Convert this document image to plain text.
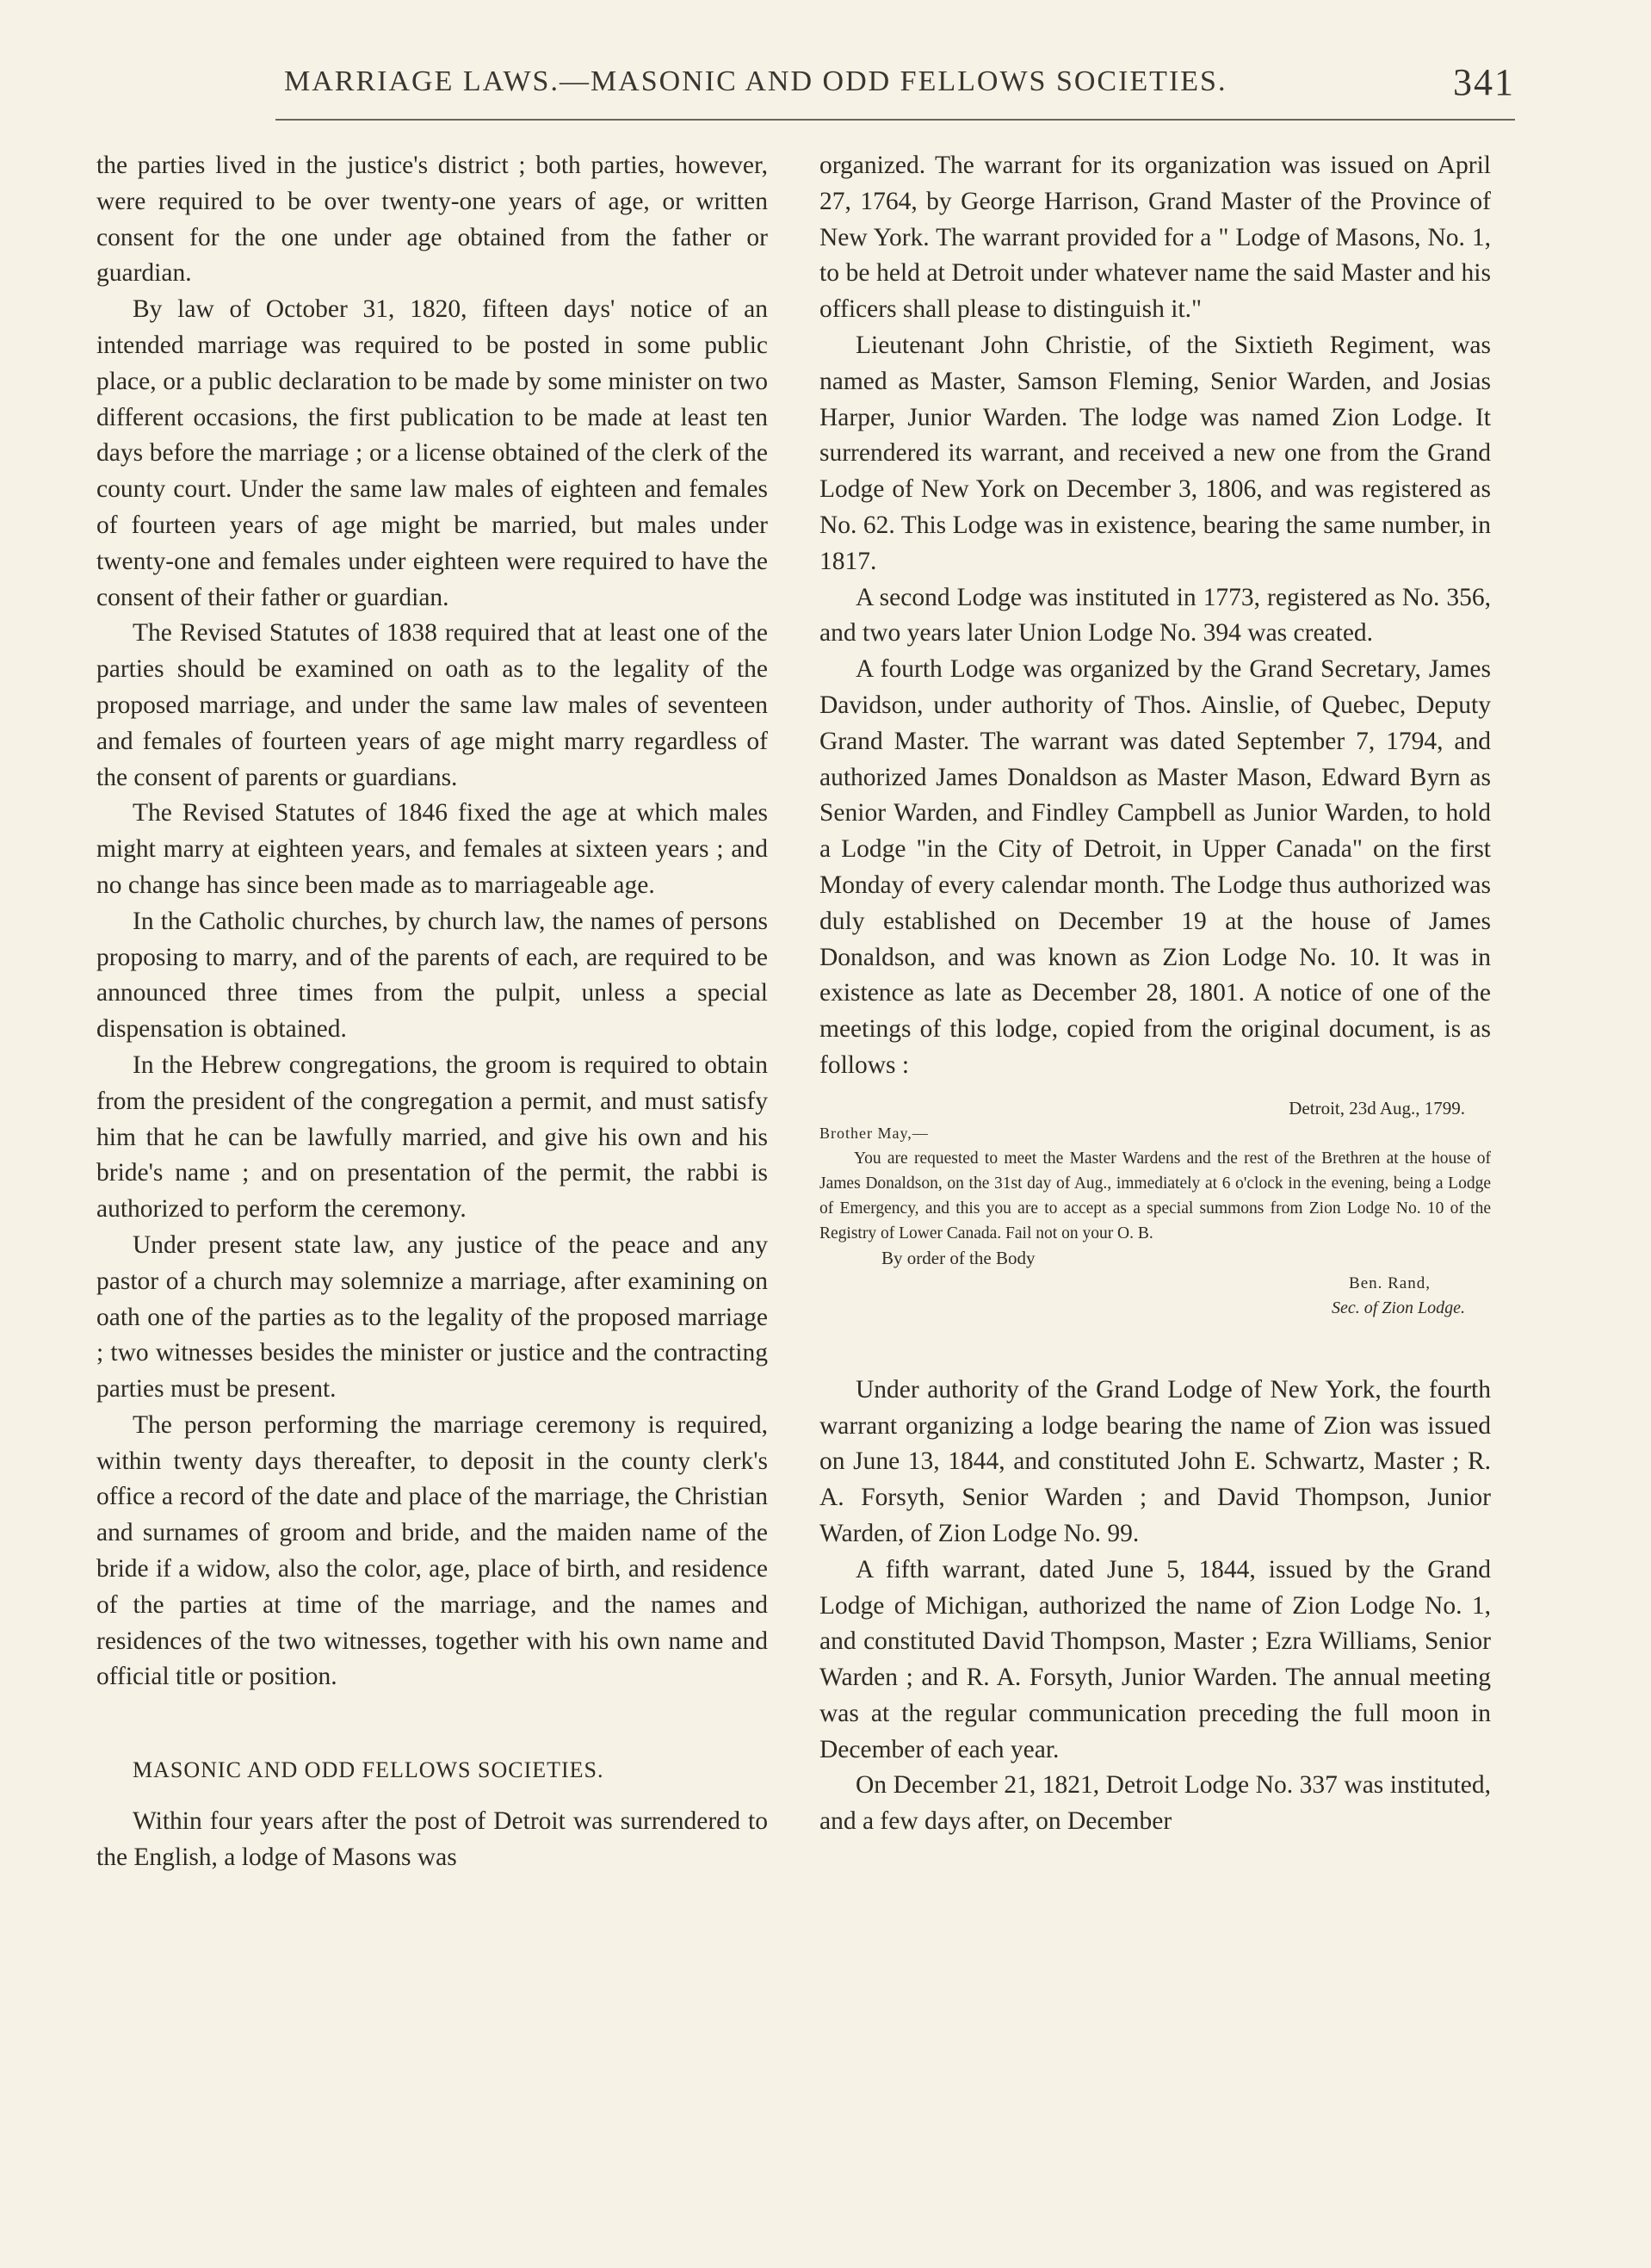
MARRIAGE LAWS.—MASONIC AND ODD FELLOWS SOCIETIES.	341

the parties lived in the justice's district ; both parties, however, were required to be over twenty-one years of age, or written consent for the one under age obtained from the father or guardian.

By law of October 31, 1820, fifteen days' notice of an intended marriage was required to be posted in some public place, or a public declaration to be made by some minister on two different occasions, the first publication to be made at least ten days before the marriage ; or a license obtained of the clerk of the county court. Under the same law males of eighteen and females of fourteen years of age might be married, but males under twenty-one and females under eighteen were required to have the consent of their father or guardian.

The Revised Statutes of 1838 required that at least one of the parties should be examined on oath as to the legality of the proposed marriage, and under the same law males of seventeen and females of fourteen years of age might marry regardless of the consent of parents or guardians.

The Revised Statutes of 1846 fixed the age at which males might marry at eighteen years, and females at sixteen years ; and no change has since been made as to marriageable age.

In the Catholic churches, by church law, the names of persons proposing to marry, and of the parents of each, are required to be announced three times from the pulpit, unless a special dispensation is obtained.

In the Hebrew congregations, the groom is required to obtain from the president of the congregation a permit, and must satisfy him that he can be lawfully married, and give his own and his bride's name ; and on presentation of the permit, the rabbi is authorized to perform the ceremony.

Under present state law, any justice of the peace and any pastor of a church may solemnize a marriage, after examining on oath one of the parties as to the legality of the proposed marriage ; two witnesses besides the minister or justice and the contracting parties must be present.

The person performing the marriage ceremony is required, within twenty days thereafter, to deposit in the county clerk's office a record of the date and place of the marriage, the Christian and surnames of groom and bride, and the maiden name of the bride if a widow, also the color, age, place of birth, and residence of the parties at time of the marriage, and the names and residences of the two witnesses, together with his own name and official title or position.

MASONIC AND ODD FELLOWS SOCIETIES.

Within four years after the post of Detroit was surrendered to the English, a lodge of Masons was

organized. The warrant for its organization was issued on April 27, 1764, by George Harrison, Grand Master of the Province of New York. The warrant provided for a " Lodge of Masons, No. 1, to be held at Detroit under whatever name the said Master and his officers shall please to distinguish it."

Lieutenant John Christie, of the Sixtieth Regiment, was named as Master, Samson Fleming, Senior Warden, and Josias Harper, Junior Warden. The lodge was named Zion Lodge. It surrendered its warrant, and received a new one from the Grand Lodge of New York on December 3, 1806, and was registered as No. 62. This Lodge was in existence, bearing the same number, in 1817.

A second Lodge was instituted in 1773, registered as No. 356, and two years later Union Lodge No. 394 was created.

A fourth Lodge was organized by the Grand Secretary, James Davidson, under authority of Thos. Ainslie, of Quebec, Deputy Grand Master. The warrant was dated September 7, 1794, and authorized James Donaldson as Master Mason, Edward Byrn as Senior Warden, and Findley Campbell as Junior Warden, to hold a Lodge "in the City of Detroit, in Upper Canada" on the first Monday of every calendar month. The Lodge thus authorized was duly established on December 19 at the house of James Donaldson, and was known as Zion Lodge No. 10. It was in existence as late as December 28, 1801. A notice of one of the meetings of this lodge, copied from the original document, is as follows :

Detroit, 23d Aug., 1799.
Brother May,—
You are requested to meet the Master Wardens and the rest of the Brethren at the house of James Donaldson, on the 31st day of Aug., immediately at 6 o'clock in the evening, being a Lodge of Emergency, and this you are to accept as a special summons from Zion Lodge No. 10 of the Registry of Lower Canada. Fail not on your O. B.
By order of the Body
Ben. Rand,
Sec. of Zion Lodge.

Under authority of the Grand Lodge of New York, the fourth warrant organizing a lodge bearing the name of Zion was issued on June 13, 1844, and constituted John E. Schwartz, Master ; R. A. Forsyth, Senior Warden ; and David Thompson, Junior Warden, of Zion Lodge No. 99.

A fifth warrant, dated June 5, 1844, issued by the Grand Lodge of Michigan, authorized the name of Zion Lodge No. 1, and constituted David Thompson, Master ; Ezra Williams, Senior Warden ; and R. A. Forsyth, Junior Warden. The annual meeting was at the regular communication preceding the full moon in December of each year.

On December 21, 1821, Detroit Lodge No. 337 was instituted, and a few days after, on December
